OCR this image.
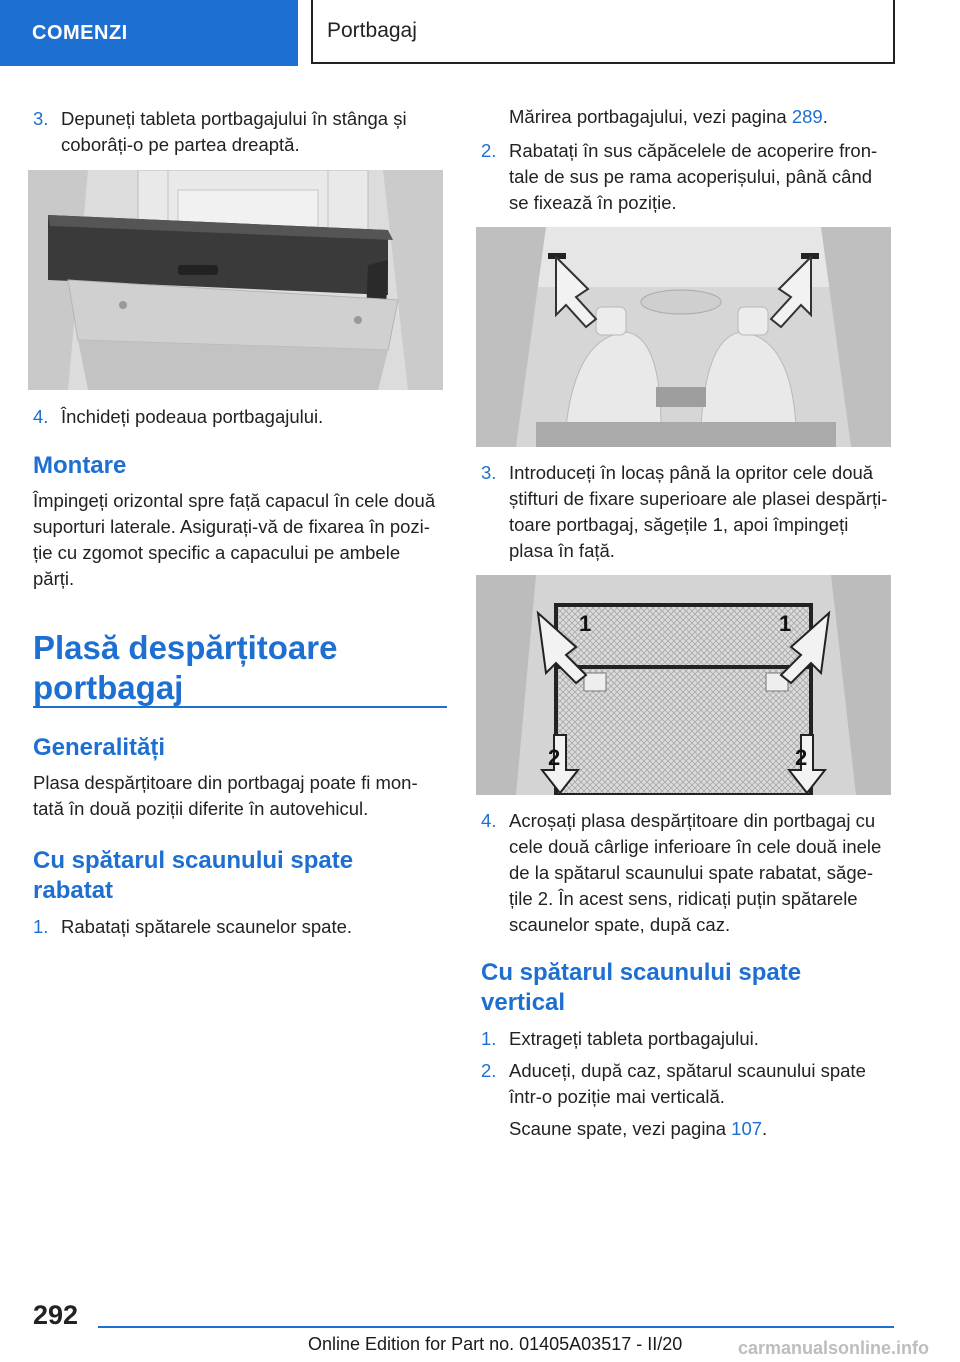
COMENZI	Portbagaj
3. Depuneți tableta portbagajului în stânga și
coborâți-o pe partea dreaptă.
4. Închideți podeaua portbagajului.
Montare
Împingeți orizontal spre față capacul în cele două
suporturi laterale. Asigurați-vă de fixarea în pozi-
ție cu zgomot specific a capacului pe ambele
părți.
Plasă despărțitoare
portbagaj
Generalități
Plasa despărțitoare din portbagaj poate fi mon-
tată în două poziții diferite în autovehicul.
Cu spătarul scaunului spate
rabatat
1. Rabatați spătarele scaunelor spate.
Mărirea portbagajului, vezi pagina 289.
2. Rabatați în sus căpăcelele de acoperire fron-
tale de sus pe rama acoperișului, până când
se fixează în poziție.
3. Introduceți în locaș până la opritor cele două
știfturi de fixare superioare ale plasei despărți-
toare portbagaj, săgețile 1, apoi împingeți
plasa în față.
1	1
2	2
4. Acroșați plasa despărțitoare din portbagaj cu
cele două cârlige inferioare în cele două inele
de la spătarul scaunului spate rabatat, săge-
țile 2. În acest sens, ridicați puțin spătarele
scaunelor spate, după caz.
Cu spătarul scaunului spate
vertical
1. Extrageți tableta portbagajului.
2. Aduceți, după caz, spătarul scaunului spate
într-o poziție mai verticală.
Scaune spate, vezi pagina 107.
292
Online Edition for Part no. 01405A03517 - II/20	carmanualsonline.info
